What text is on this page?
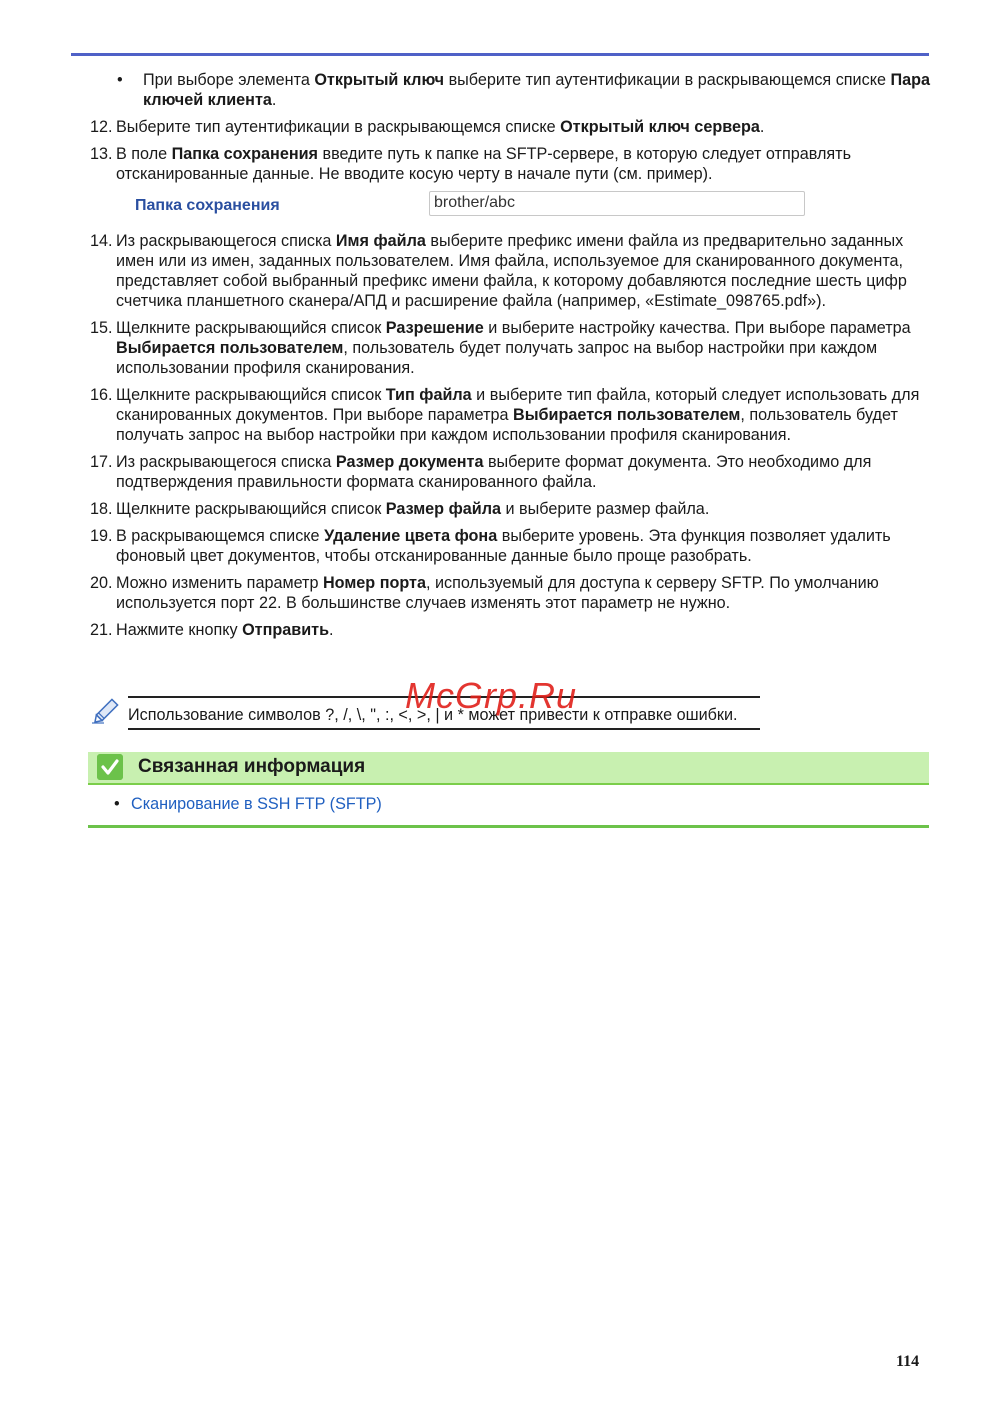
• При выборе элемента Открытый ключ выберите тип аутентификации в раскрывающемся списке Пара ключей клиента.
12. Выберите тип аутентификации в раскрывающемся списке Открытый ключ сервера.
13. В поле Папка сохранения введите путь к папке на SFTP-сервере, в которую следует отправлять отсканированные данные. Не вводите косую черту в начале пути (см. пример).
Папка сохранения	brother/abc
14. Из раскрывающегося списка Имя файла выберите префикс имени файла из предварительно заданных имен или из имен, заданных пользователем. Имя файла, используемое для сканированного документа, представляет собой выбранный префикс имени файла, к которому добавляются последние шесть цифр счетчика планшетного сканера/АПД и расширение файла (например, «Estimate_098765.pdf»).
15. Щелкните раскрывающийся список Разрешение и выберите настройку качества. При выборе параметра Выбирается пользователем, пользователь будет получать запрос на выбор настройки при каждом использовании профиля сканирования.
16. Щелкните раскрывающийся список Тип файла и выберите тип файла, который следует использовать для сканированных документов. При выборе параметра Выбирается пользователем, пользователь будет получать запрос на выбор настройки при каждом использовании профиля сканирования.
17. Из раскрывающегося списка Размер документа выберите формат документа. Это необходимо для подтверждения правильности формата сканированного файла.
18. Щелкните раскрывающийся список Размер файла и выберите размер файла.
19. В раскрывающемся списке Удаление цвета фона выберите уровень. Эта функция позволяет удалить фоновый цвет документов, чтобы отсканированные данные было проще разобрать.
20. Можно изменить параметр Номер порта, используемый для доступа к серверу SFTP. По умолчанию используется порт 22. В большинстве случаев изменять этот параметр не нужно.
21. Нажмите кнопку Отправить.
Использование символов ?, /, \, ", :, <, >, | и * может привести к отправке ошибки.
McGrp.Ru
Связанная информация
• Сканирование в SSH FTP (SFTP)
114
